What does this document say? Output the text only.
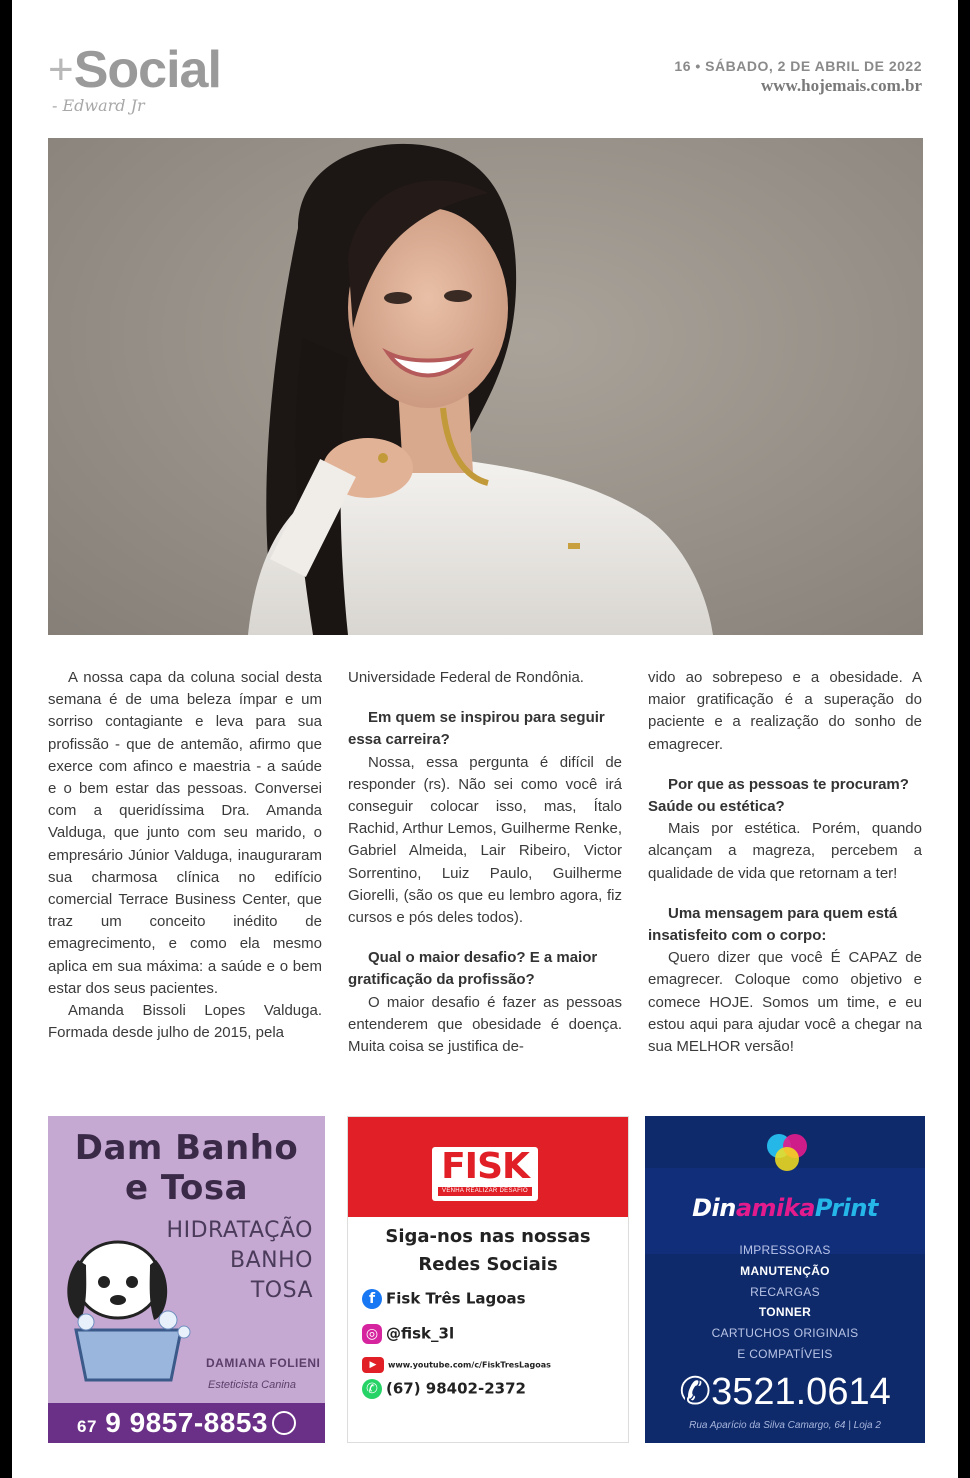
+Social
- Edward Jr
16 • SÁBADO, 2 DE ABRIL DE 2022
www.hojemais.com.br

A nossa capa da coluna social desta semana é de uma beleza ímpar e um sorriso contagiante e leva para sua profissão - que de antemão, afirmo que exerce com afinco e maestria - a saúde e o bem estar das pessoas. Conversei com a queridíssima Dra. Amanda Valduga, que junto com seu marido, o empresário Júnior Valduga, inauguraram sua charmosa clínica no edifício comercial Terrace Business Center, que traz um conceito inédito de emagrecimento, e como ela mesmo aplica em sua máxima: a saúde e o bem estar dos seus pacientes.

Amanda Bissoli Lopes Valduga. Formada desde julho de 2015, pela

Universidade Federal de Rondônia.

Em quem se inspirou para seguir essa carreira?

Nossa, essa pergunta é difícil de responder (rs). Não sei como você irá conseguir colocar isso, mas, Ítalo Rachid, Arthur Lemos, Guilherme Renke, Gabriel Almeida, Lair Ribeiro, Victor Sorrentino, Luiz Paulo, Guilherme Giorelli, (são os que eu lembro agora, fiz cursos e pós deles todos).

Qual o maior desafio? E a maior gratificação da profissão?

O maior desafio é fazer as pessoas entenderem que obesidade é doença. Muita coisa se justifica de-

vido ao sobrepeso e a obesidade. A maior gratificação é a superação do paciente e a realização do sonho de emagrecer.

Por que as pessoas te procuram? Saúde ou estética?

Mais por estética. Porém, quando alcançam a magreza, percebem a qualidade de vida que retornam a ter!

Uma mensagem para quem está insatisfeito com o corpo:

Quero dizer que você É CAPAZ de emagrecer. Coloque como objetivo e comece HOJE. Somos um time, e eu estou aqui para ajudar você a chegar na sua MELHOR versão!

Dam Banho
e Tosa
HIDRATAÇÃO
BANHO
TOSA
DAMIANA FOLIENI
Esteticista Canina
67 9 9857-8853
FISK
VENHA REALIZAR DESAFIO
Siga-nos nas nossas
Redes Sociais
f Fisk Três Lagoas
◎ @fisk_3l
▶ www.youtube.com/c/FiskTresLagoas
✆ (67) 98402-2372
DinamikaPrint
IMPRESSORAS
MANUTENÇÃO
RECARGAS
TONNER
CARTUCHOS ORIGINAIS
E COMPATÍVEIS
✆3521.0614
Rua Aparício da Silva Camargo, 64 | Loja 2
